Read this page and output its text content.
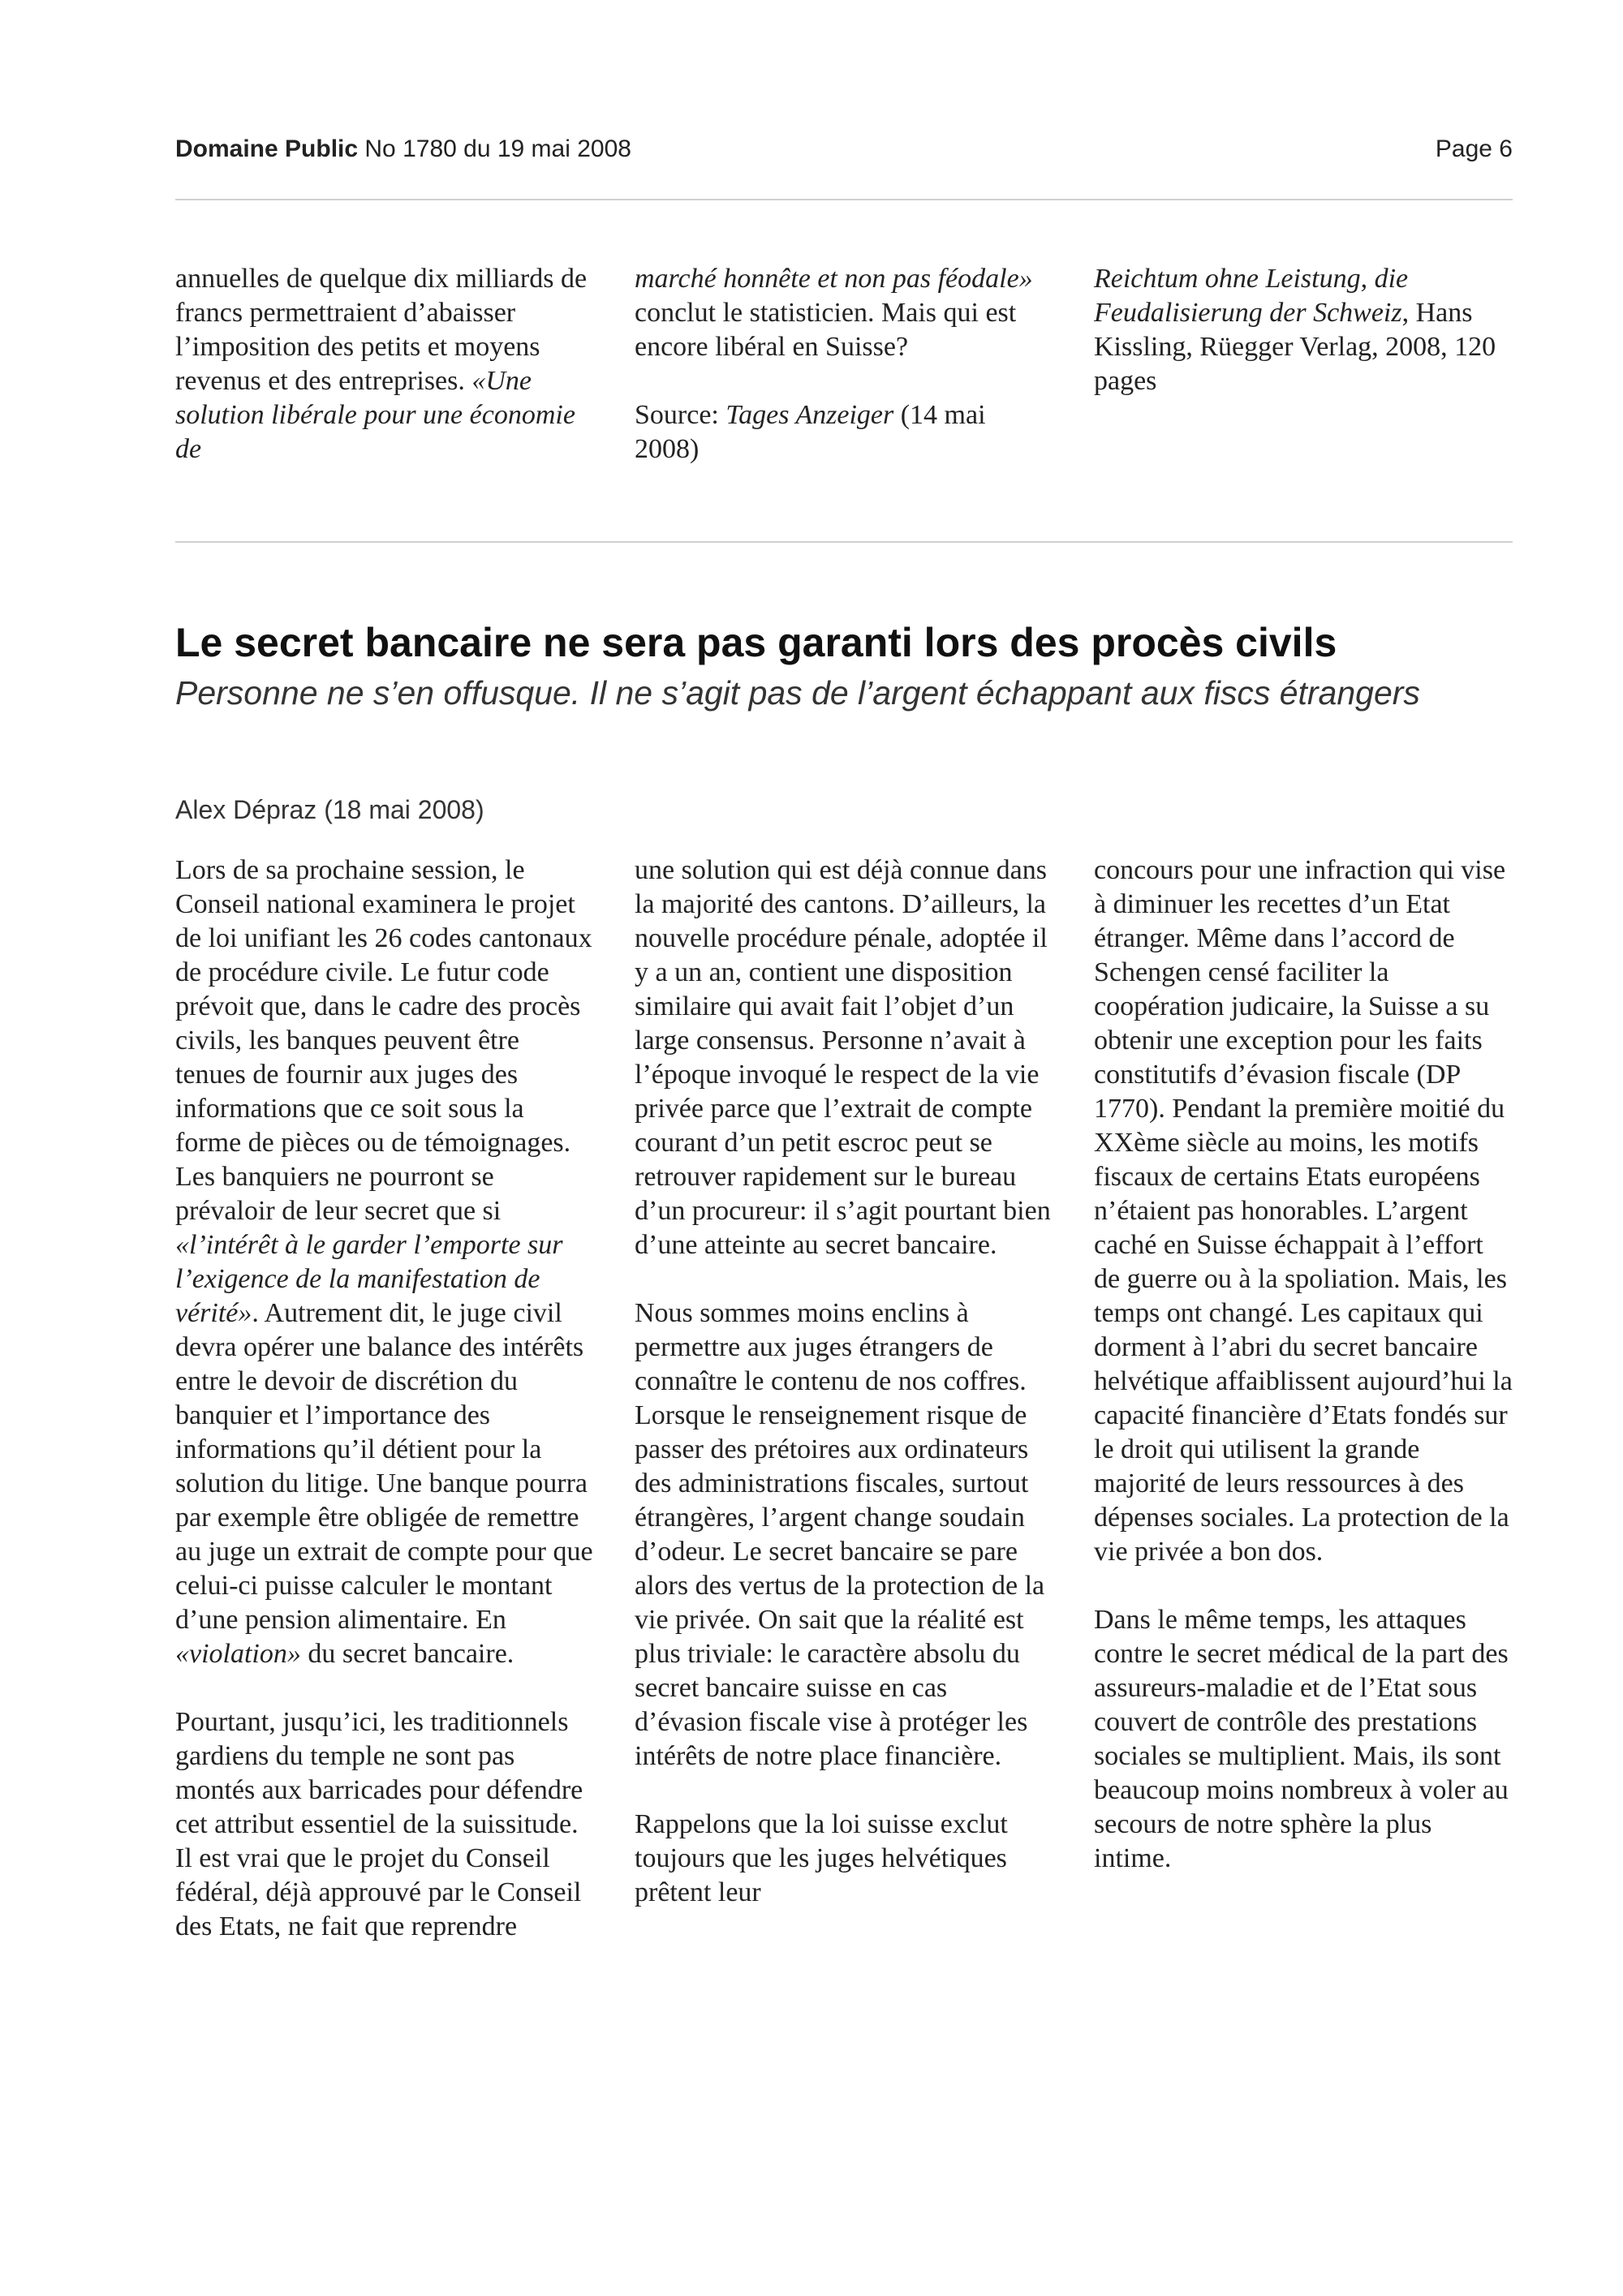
Domaine Public No 1780 du 19 mai 2008	Page 6

annuelles de quelque dix milliards de francs permettraient d’abaisser l’imposition des petits et moyens revenus et des entreprises. «Une solution libérale pour une économie de

marché honnête et non pas féodale» conclut le statisticien. Mais qui est encore libéral en Suisse?

Source: Tages Anzeiger (14 mai 2008)

Reichtum ohne Leistung, die Feudalisierung der Schweiz, Hans Kissling, Rüegger Verlag, 2008, 120 pages

Le secret bancaire ne sera pas garanti lors des procès civils
Personne ne s’en offusque. Il ne s’agit pas de l’argent échappant aux fiscs étrangers
Alex Dépraz (18 mai 2008)

Lors de sa prochaine session, le Conseil national examinera le projet de loi unifiant les 26 codes cantonaux de procédure civile. Le futur code prévoit que, dans le cadre des procès civils, les banques peuvent être tenues de fournir aux juges des informations que ce soit sous la forme de pièces ou de témoignages. Les banquiers ne pourront se prévaloir de leur secret que si «l’intérêt à le garder l’emporte sur l’exigence de la manifestation de vérité». Autrement dit, le juge civil devra opérer une balance des intérêts entre le devoir de discrétion du banquier et l’importance des informations qu’il détient pour la solution du litige. Une banque pourra par exemple être obligée de remettre au juge un extrait de compte pour que celui-ci puisse calculer le montant d’une pension alimentaire. En «violation» du secret bancaire.

Pourtant, jusqu’ici, les traditionnels gardiens du temple ne sont pas montés aux barricades pour défendre cet attribut essentiel de la suissitude. Il est vrai que le projet du Conseil fédéral, déjà approuvé par le Conseil des Etats, ne fait que reprendre

une solution qui est déjà connue dans la majorité des cantons. D’ailleurs, la nouvelle procédure pénale, adoptée il y a un an, contient une disposition similaire qui avait fait l’objet d’un large consensus. Personne n’avait à l’époque invoqué le respect de la vie privée parce que l’extrait de compte courant d’un petit escroc peut se retrouver rapidement sur le bureau d’un procureur: il s’agit pourtant bien d’une atteinte au secret bancaire.

Nous sommes moins enclins à permettre aux juges étrangers de connaître le contenu de nos coffres. Lorsque le renseignement risque de passer des prétoires aux ordinateurs des administrations fiscales, surtout étrangères, l’argent change soudain d’odeur. Le secret bancaire se pare alors des vertus de la protection de la vie privée. On sait que la réalité est plus triviale: le caractère absolu du secret bancaire suisse en cas d’évasion fiscale vise à protéger les intérêts de notre place financière.

Rappelons que la loi suisse exclut toujours que les juges helvétiques prêtent leur

concours pour une infraction qui vise à diminuer les recettes d’un Etat étranger. Même dans l’accord de Schengen censé faciliter la coopération judicaire, la Suisse a su obtenir une exception pour les faits constitutifs d’évasion fiscale (DP 1770). Pendant la première moitié du XXème siècle au moins, les motifs fiscaux de certains Etats européens n’étaient pas honorables. L’argent caché en Suisse échappait à l’effort de guerre ou à la spoliation. Mais, les temps ont changé. Les capitaux qui dorment à l’abri du secret bancaire helvétique affaiblissent aujourd’hui la capacité financière d’Etats fondés sur le droit qui utilisent la grande majorité de leurs ressources à des dépenses sociales. La protection de la vie privée a bon dos.

Dans le même temps, les attaques contre le secret médical de la part des assureurs-maladie et de l’Etat sous couvert de contrôle des prestations sociales se multiplient. Mais, ils sont beaucoup moins nombreux à voler au secours de notre sphère la plus intime.
